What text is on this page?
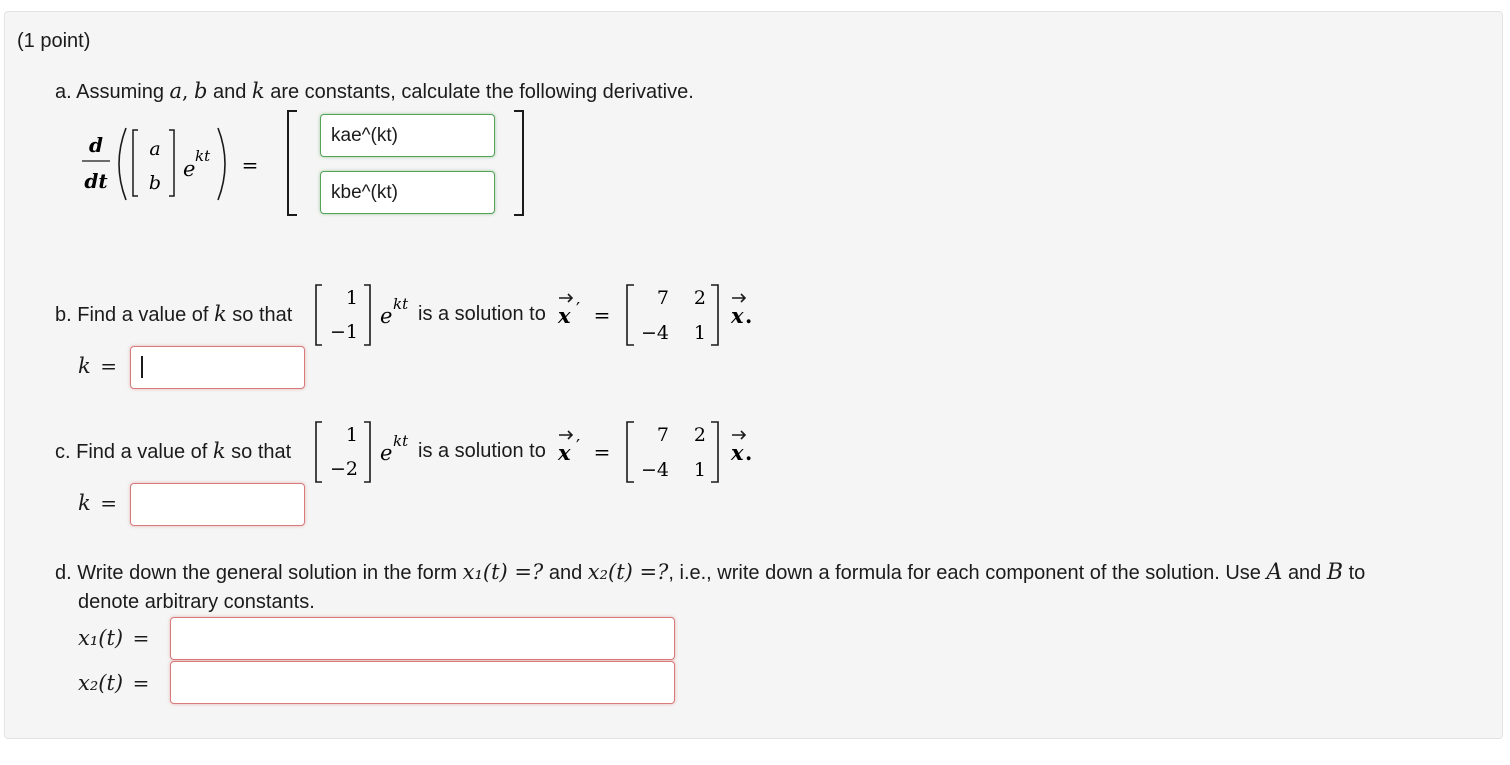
(1 point)
a. Assuming a, b and k are constants, calculate the following derivative.
d
dt
a
b
e
kt =
kae^(kt)
kbe^(kt)
b. Find a value of k so that
1
−1
e kt is a solution to x ′ =
7 2
−4 1
x .
k =
c. Find a value of k so that
1
−2
e kt is a solution to x ′ =
7 2
−4 1
x .
k =
d. Write down the general solution in the form x₁(t) =? and x₂(t) =?, i.e., write down a formula for each component of the solution. Use A and B to
denote arbitrary constants.
x₁(t) =
x₂(t) =
